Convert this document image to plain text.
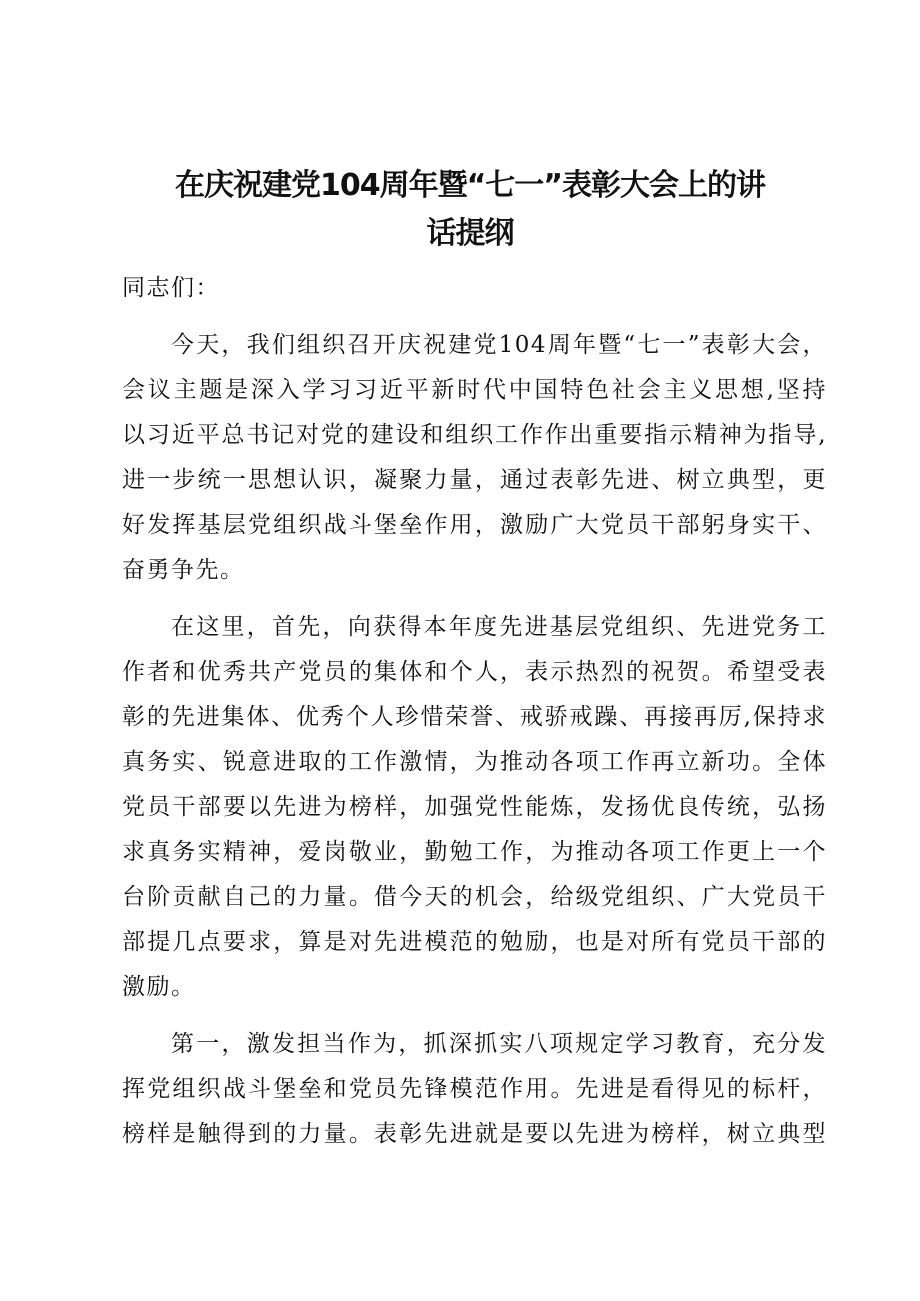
在庆祝建党104周年暨“七一”表彰大会上的讲
话提纲
同志们：
今天，我们组织召开庆祝建党104周年暨“七一”表彰大会，
会议主题是深入学习习近平新时代中国特色社会主义思想,坚持
以习近平总书记对党的建设和组织工作作出重要指示精神为指导,
进一步统一思想认识，凝聚力量，通过表彰先进、树立典型，更
好发挥基层党组织战斗堡垒作用，激励广大党员干部躬身实干、
奋勇争先。
在这里，首先，向获得本年度先进基层党组织、先进党务工
作者和优秀共产党员的集体和个人，表示热烈的祝贺。希望受表
彰的先进集体、优秀个人珍惜荣誉、戒骄戒躁、再接再厉,保持求
真务实、锐意进取的工作激情，为推动各项工作再立新功。全体
党员干部要以先进为榜样，加强党性能炼，发扬优良传统，弘扬
求真务实精神，爱岗敬业，勤勉工作，为推动各项工作更上一个
台阶贡献自己的力量。借今天的机会，给级党组织、广大党员干
部提几点要求，算是对先进模范的勉励，也是对所有党员干部的
激励。
第一，激发担当作为，抓深抓实八项规定学习教育，充分发
挥党组织战斗堡垒和党员先锋模范作用。先进是看得见的标杆，
榜样是触得到的力量。表彰先进就是要以先进为榜样，树立典型
